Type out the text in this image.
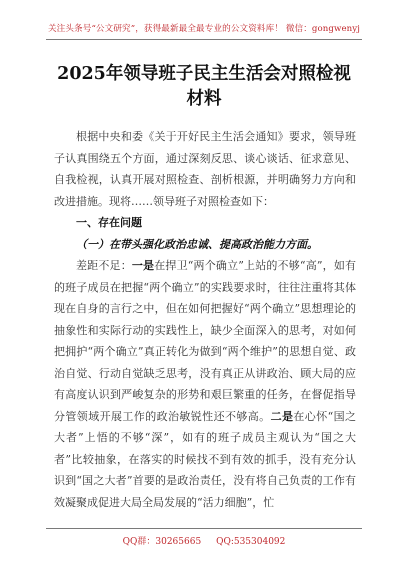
关注头条号“公文研究”，获得最新最全最专业的公文资料库！ 微信：gongwenyj
2025年领导班子民主生活会对照检视材料

根据中央和委《关于开好民主生活会通知》要求，领导班子认真围绕五个方面，通过深刻反思、谈心谈话、征求意见、自我检视，认真开展对照检查、剖析根源，并明确努力方向和改进措施。现将……领导班子对照检查如下：

一、存在问题

（一）在带头强化政治忠诚、提高政治能力方面。

差距不足：一是在捍卫“两个确立”上站的不够“高”，如有的班子成员在把握“两个确立”的实践要求时，往往注重将其体现在自身的言行之中，但在如何把握好“两个确立”思想理论的抽象性和实际行动的实践性上，缺少全面深入的思考，对如何把拥护“两个确立”真正转化为做到“两个维护”的思想自觉、政治自觉、行动自觉缺乏思考，没有真正从讲政治、顾大局的应有高度认识到严峻复杂的形势和艰巨繁重的任务，在督促指导分管领域开展工作的政治敏锐性还不够高。二是在心怀“国之大者”上悟的不够“深”，如有的班子成员主观认为“国之大者”比较抽象，在落实的时候找不到有效的抓手，没有充分认识到“国之大者”首要的是政治责任，没有将自己负责的工作有效凝聚成促进大局全局发展的“活力细胞”，忙

QQ群：30265665 QQ:535304092
